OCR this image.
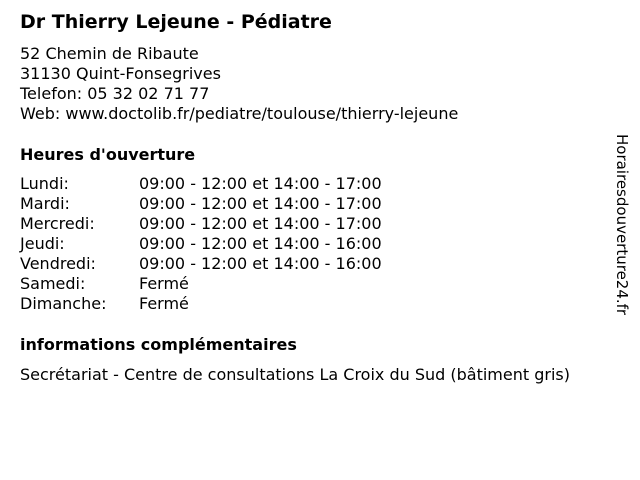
Dr Thierry Lejeune - Pédiatre
52 Chemin de Ribaute
31130 Quint-Fonsegrives
Telefon: 05 32 02 71 77
Web: www.doctolib.fr/pediatre/toulouse/thierry-lejeune
Heures d'ouverture
Lundi:	09:00 - 12:00 et 14:00 - 17:00
Mardi:	09:00 - 12:00 et 14:00 - 17:00
Mercredi:	09:00 - 12:00 et 14:00 - 17:00
Jeudi:	09:00 - 12:00 et 14:00 - 16:00
Vendredi:	09:00 - 12:00 et 14:00 - 16:00
Samedi:	Fermé
Dimanche:	Fermé
informations complémentaires
Secrétariat - Centre de consultations La Croix du Sud (bâtiment gris)
Horairesdouverture24.fr
